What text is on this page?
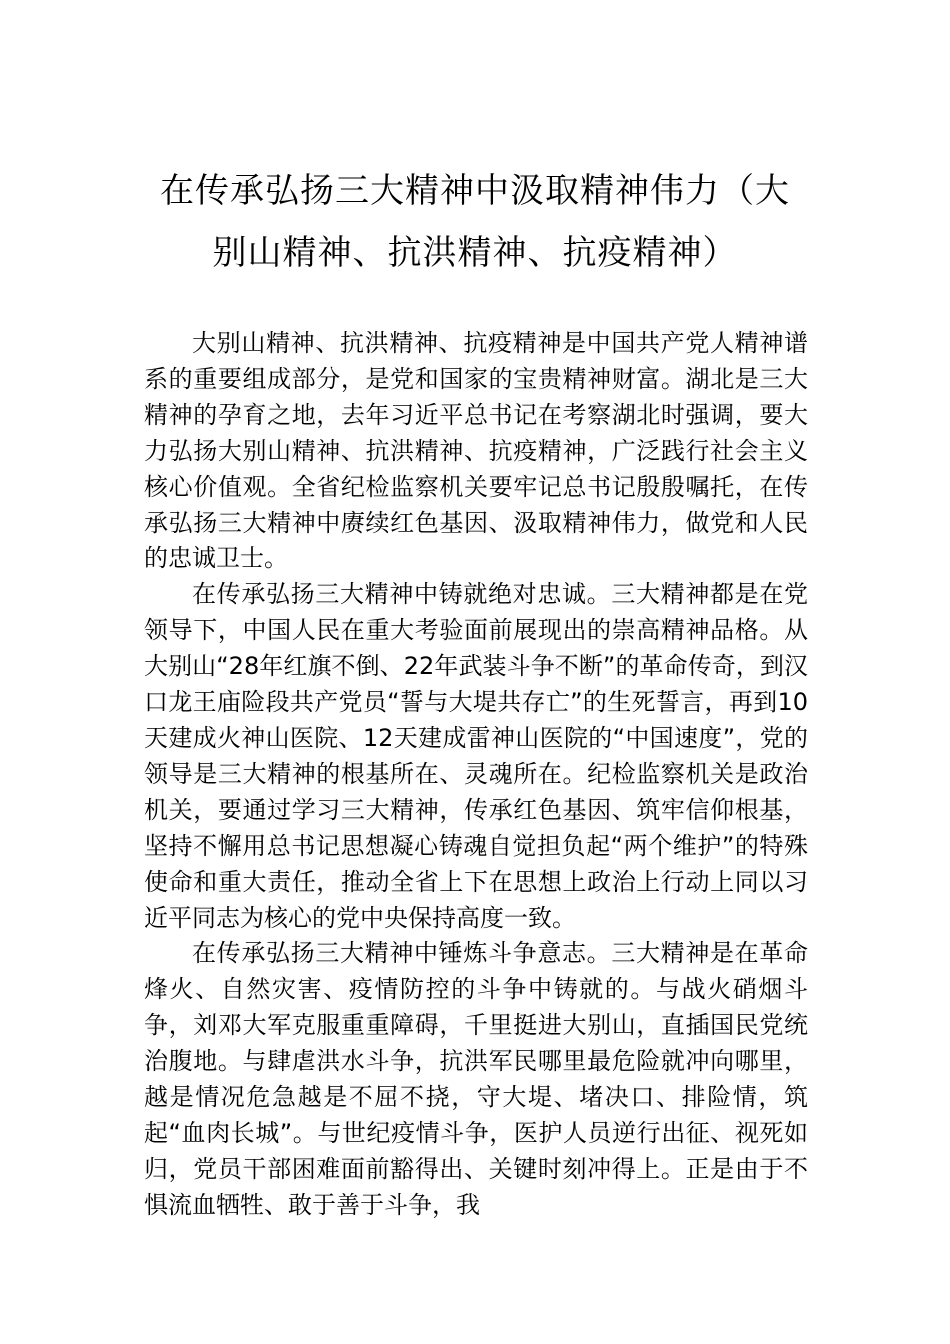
在传承弘扬三大精神中汲取精神伟力（大
别山精神、抗洪精神、抗疫精神）

大别山精神、抗洪精神、抗疫精神是中国共产党人精神谱系的重要组成部分，是党和国家的宝贵精神财富。湖北是三大精神的孕育之地，去年习近平总书记在考察湖北时强调，要大力弘扬大别山精神、抗洪精神、抗疫精神，广泛践行社会主义核心价值观。全省纪检监察机关要牢记总书记殷殷嘱托，在传承弘扬三大精神中赓续红色基因、汲取精神伟力，做党和人民的忠诚卫士。

在传承弘扬三大精神中铸就绝对忠诚。三大精神都是在党领导下，中国人民在重大考验面前展现出的崇高精神品格。从大别山“28年红旗不倒、22年武装斗争不断”的革命传奇，到汉口龙王庙险段共产党员“誓与大堤共存亡”的生死誓言，再到10天建成火神山医院、12天建成雷神山医院的“中国速度”，党的领导是三大精神的根基所在、灵魂所在。纪检监察机关是政治机关，要通过学习三大精神，传承红色基因、筑牢信仰根基，坚持不懈用总书记思想凝心铸魂自觉担负起“两个维护”的特殊使命和重大责任，推动全省上下在思想上政治上行动上同以习近平同志为核心的党中央保持高度一致。

在传承弘扬三大精神中锤炼斗争意志。三大精神是在革命烽火、自然灾害、疫情防控的斗争中铸就的。与战火硝烟斗争，刘邓大军克服重重障碍，千里挺进大别山，直插国民党统治腹地。与肆虐洪水斗争，抗洪军民哪里最危险就冲向哪里，越是情况危急越是不屈不挠，守大堤、堵决口、排险情，筑起“血肉长城”。与世纪疫情斗争，医护人员逆行出征、视死如归，党员干部困难面前豁得出、关键时刻冲得上。正是由于不惧流血牺牲、敢于善于斗争，我
